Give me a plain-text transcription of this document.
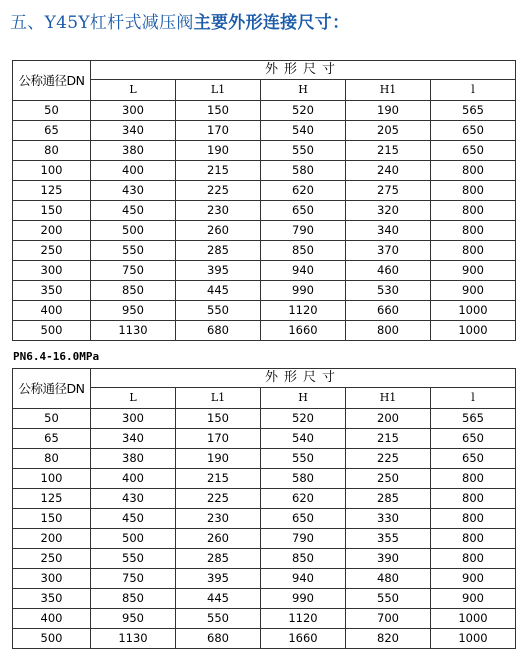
五、Y45Y杠杆式减压阀主要外形连接尺寸：
公称通径DN	外形尺寸				
	L	L1	H	H1	l
50	300	150	520	190	565
65	340	170	540	205	650
80	380	190	550	215	650
100	400	215	580	240	800
125	430	225	620	275	800
150	450	230	650	320	800
200	500	260	790	340	800
250	550	285	850	370	800
300	750	395	940	460	900
350	850	445	990	530	900
400	950	550	1120	660	1000
500	1130	680	1660	800	1000
PN6.4-16.0MPa
公称通径DN	外形尺寸				
	L	L1	H	H1	l
50	300	150	520	200	565
65	340	170	540	215	650
80	380	190	550	225	650
100	400	215	580	250	800
125	430	225	620	285	800
150	450	230	650	330	800
200	500	260	790	355	800
250	550	285	850	390	800
300	750	395	940	480	900
350	850	445	990	550	900
400	950	550	1120	700	1000
500	1130	680	1660	820	1000
